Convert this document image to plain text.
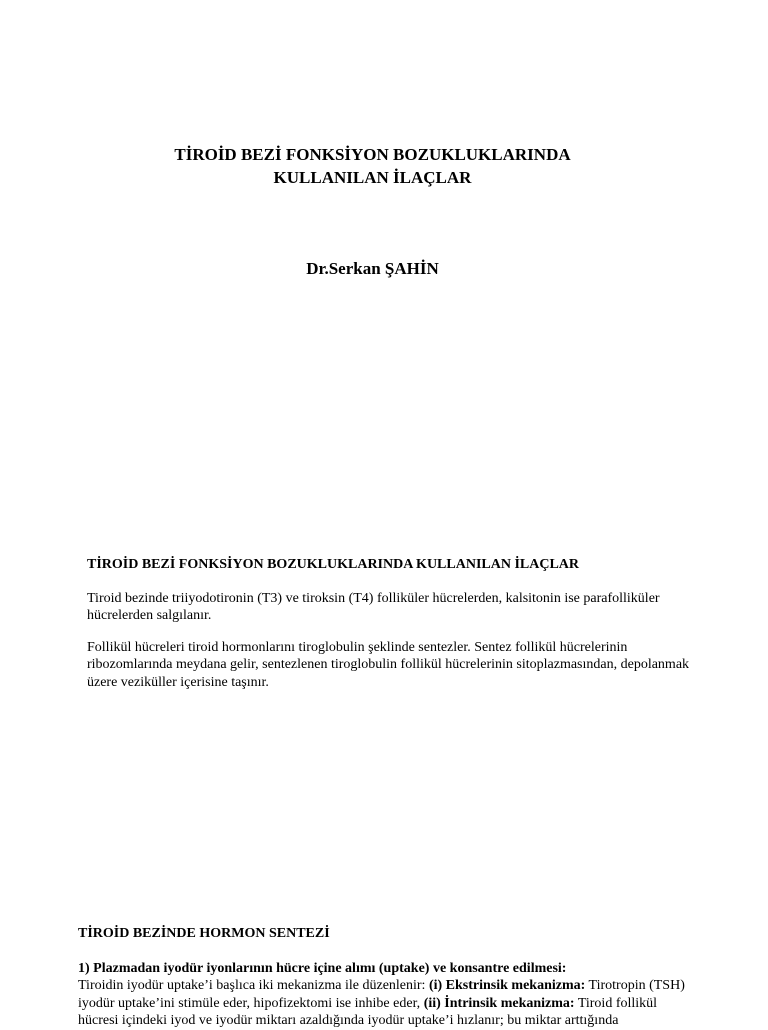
TİROİD BEZİ FONKSİYON BOZUKLUKLARINDA
KULLANILAN İLAÇLAR
Dr.Serkan ŞAHİN
TİROİD BEZİ FONKSİYON BOZUKLUKLARINDA KULLANILAN İLAÇLAR

Tiroid bezinde triiyodotironin (T3) ve tiroksin (T4) folliküler hücrelerden, kalsitonin ise parafolliküler hücrelerden salgılanır.

Follikül hücreleri tiroid hormonlarını tiroglobulin şeklinde sentezler. Sentez follikül hücrelerinin ribozomlarında meydana gelir, sentezlenen tiroglobulin follikül hücrelerinin sitoplazmasından, depolanmak üzere veziküller içerisine taşınır.

TİROİD BEZİNDE HORMON SENTEZİ
1) Plazmadan iyodür iyonlarının hücre içine alımı (uptake) ve konsantre edilmesi:

Tiroidin iyodür uptake’i başlıca iki mekanizma ile düzenlenir: (i) Ekstrinsik mekanizma: Tirotropin (TSH) iyodür uptake’ini stimüle eder, hipofizektomi ise inhibe eder, (ii) İntrinsik mekanizma: Tiroid follikül hücresi içindeki iyod ve iyodür miktarı azaldığında iyodür uptake’i hızlanır; bu miktar arttığında
